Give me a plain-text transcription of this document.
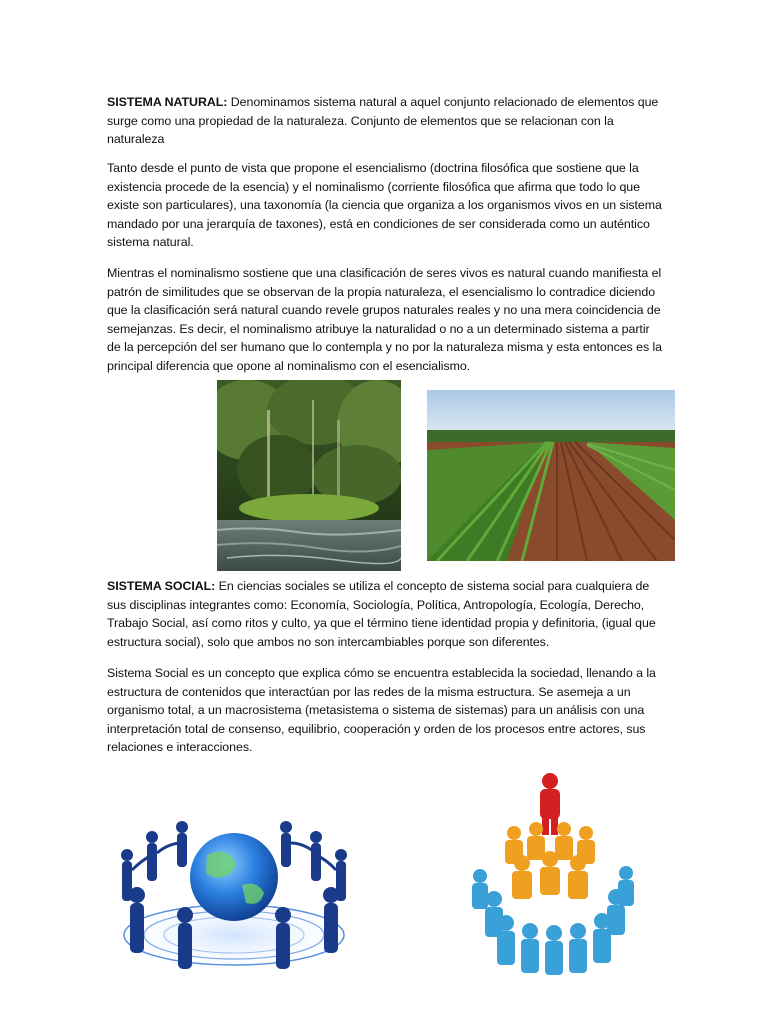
SISTEMA NATURAL: Denominamos sistema natural a aquel conjunto relacionado de elementos que surge como una propiedad de la naturaleza. Conjunto de elementos que se relacionan con la naturaleza

Tanto desde el punto de vista que propone el esencialismo (doctrina filosófica que sostiene que la existencia procede de la esencia) y el nominalismo (corriente filosófica que afirma que todo lo que existe son particulares), una taxonomía (la ciencia que organiza a los organismos vivos en un sistema mandado por una jerarquía de taxones), está en condiciones de ser considerada como un auténtico sistema natural.

Mientras el nominalismo sostiene que una clasificación de seres vivos es natural cuando manifiesta el patrón de similitudes que se observan de la propia naturaleza, el esencialismo lo contradice diciendo que la clasificación será natural cuando revele grupos naturales reales y no una mera coincidencia de semejanzas. Es decir, el nominalismo atribuye la naturalidad o no a un determinado sistema a partir de la percepción del ser humano que lo contempla y no por la naturaleza misma y esta entonces es la principal diferencia que opone al nominalismo con el esencialismo.

SISTEMA SOCIAL: En ciencias sociales se utiliza el concepto de sistema social para cualquiera de sus disciplinas integrantes como: Economía, Sociología, Política, Antropología, Ecología, Derecho, Trabajo Social, así como ritos y culto, ya que el término tiene identidad propia y definitoria, (igual que estructura social), solo que ambos no son intercambiables porque son diferentes.

Sistema Social es un concepto que explica cómo se encuentra establecida la sociedad, llenando a la estructura de contenidos que interactúan por las redes de la misma estructura. Se asemeja a un organismo total, a un macrosistema (metasistema o sistema de sistemas) para un análisis con una interpretación total de consenso, equilibrio, cooperación y orden de los procesos entre actores, sus relaciones e interacciones.
